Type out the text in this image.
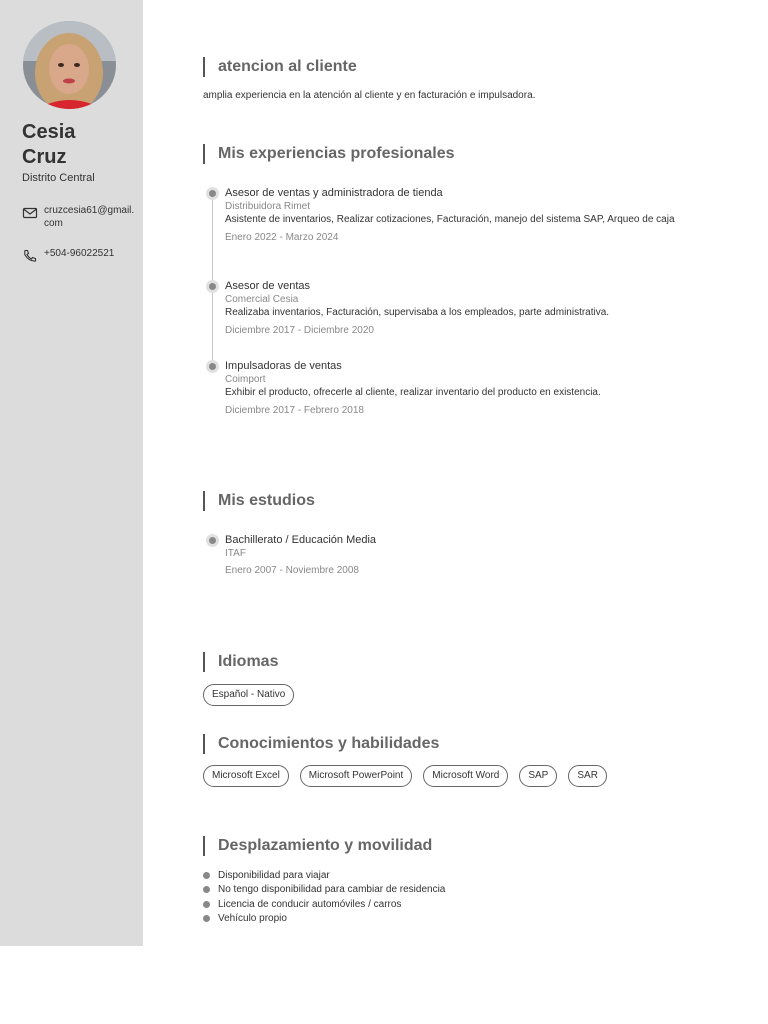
Cesia
Cruz
Distrito Central
cruzcesia61@gmail.com
+504-96022521
atencion al cliente
amplia experiencia en la atención al cliente y en facturación e impulsadora.
Mis experiencias profesionales
Asesor de ventas y administradora de tienda
Distribuidora Rimet
Asistente de inventarios, Realizar cotizaciones, Facturación, manejo del sistema SAP, Arqueo de caja
Enero 2022 - Marzo 2024
Asesor de ventas
Comercial Cesia
Realizaba inventarios, Facturación, supervisaba a los empleados, parte administrativa.
Diciembre 2017 - Diciembre 2020
Impulsadoras de ventas
Coimport
Exhibir el producto, ofrecerle al cliente, realizar inventario del producto en existencia.
Diciembre 2017 - Febrero 2018
Mis estudios
Bachillerato / Educación Media
ITAF
Enero 2007 - Noviembre 2008
Idiomas
Español - Nativo
Conocimientos y habilidades
Microsoft Excel	Microsoft PowerPoint	Microsoft Word	SAP	SAR
Desplazamiento y movilidad
Disponibilidad para viajar
No tengo disponibilidad para cambiar de residencia
Licencia de conducir automóviles / carros
Vehículo propio
